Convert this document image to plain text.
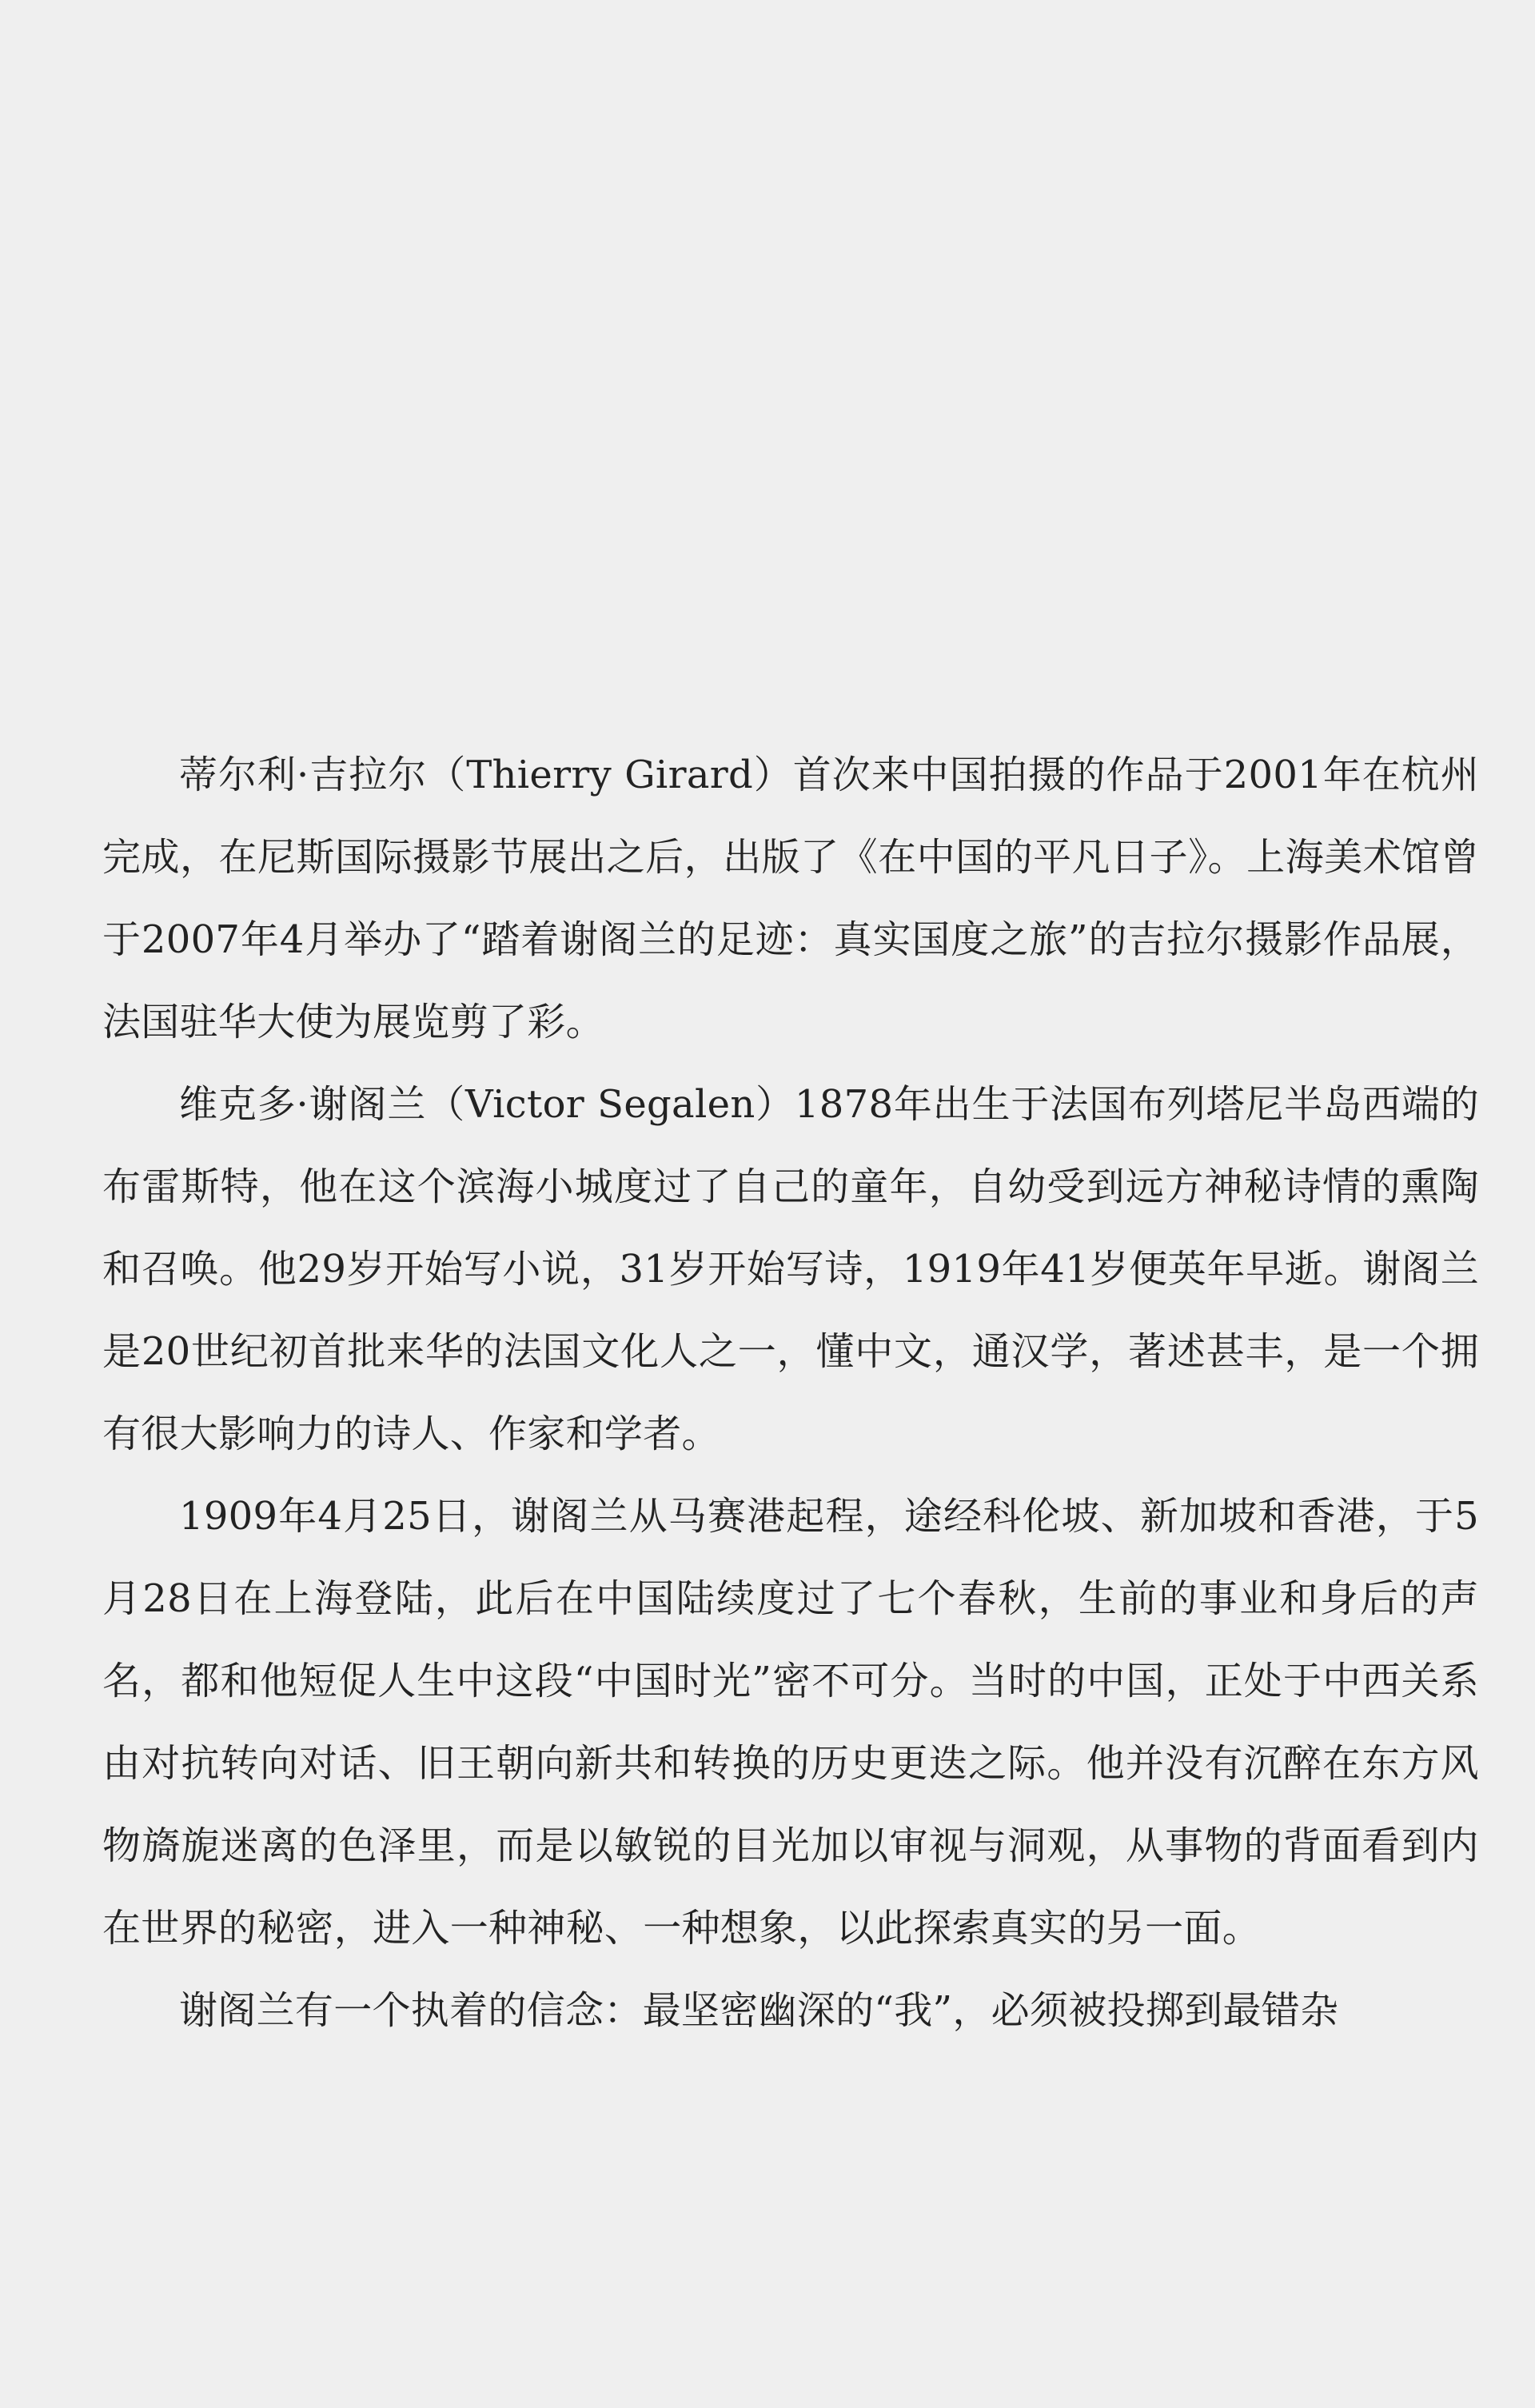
蒂尔利·吉拉尔（Thierry Girard）首次来中国拍摄的作品于2001年在杭州完成，在尼斯国际摄影节展出之后，出版了《在中国的平凡日子》。上海美术馆曾于2007年4月举办了“踏着谢阁兰的足迹：真实国度之旅”的吉拉尔摄影作品展，法国驻华大使为展览剪了彩。

维克多·谢阁兰（Victor Segalen）1878年出生于法国布列塔尼半岛西端的布雷斯特，他在这个滨海小城度过了自己的童年，自幼受到远方神秘诗情的熏陶和召唤。他29岁开始写小说，31岁开始写诗，1919年41岁便英年早逝。谢阁兰是20世纪初首批来华的法国文化人之一，懂中文，通汉学，著述甚丰，是一个拥有很大影响力的诗人、作家和学者。

1909年4月25日，谢阁兰从马赛港起程，途经科伦坡、新加坡和香港，于5月28日在上海登陆，此后在中国陆续度过了七个春秋，生前的事业和身后的声名，都和他短促人生中这段“中国时光”密不可分。当时的中国，正处于中西关系由对抗转向对话、旧王朝向新共和转换的历史更迭之际。他并没有沉醉在东方风物旖旎迷离的色泽里，而是以敏锐的目光加以审视与洞观，从事物的背面看到内在世界的秘密，进入一种神秘、一种想象，以此探索真实的另一面。

谢阁兰有一个执着的信念：最坚密幽深的“我”，必须被投掷到最错杂
